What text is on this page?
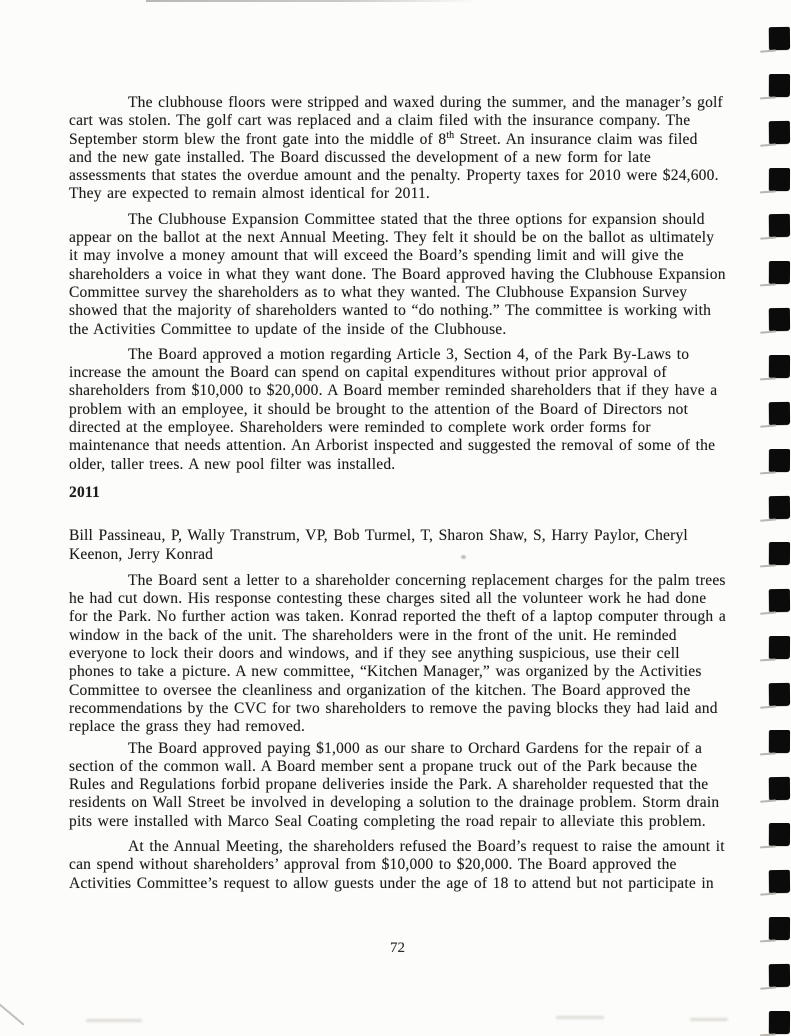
The clubhouse floors were stripped and waxed during the summer, and the manager’s golf cart was stolen. The golf cart was replaced and a claim filed with the insurance company. The September storm blew the front gate into the middle of 8th Street. An insurance claim was filed and the new gate installed. The Board discussed the development of a new form for late assessments that states the overdue amount and the penalty. Property taxes for 2010 were $24,600. They are expected to remain almost identical for 2011.

The Clubhouse Expansion Committee stated that the three options for expansion should appear on the ballot at the next Annual Meeting. They felt it should be on the ballot as ultimately it may involve a money amount that will exceed the Board’s spending limit and will give the shareholders a voice in what they want done. The Board approved having the Clubhouse Expansion Committee survey the shareholders as to what they wanted. The Clubhouse Expansion Survey showed that the majority of shareholders wanted to “do nothing.” The committee is working with the Activities Committee to update of the inside of the Clubhouse.

The Board approved a motion regarding Article 3, Section 4, of the Park By-Laws to increase the amount the Board can spend on capital expenditures without prior approval of shareholders from $10,000 to $20,000. A Board member reminded shareholders that if they have a problem with an employee, it should be brought to the attention of the Board of Directors not directed at the employee. Shareholders were reminded to complete work order forms for maintenance that needs attention. An Arborist inspected and suggested the removal of some of the older, taller trees. A new pool filter was installed.

2011

Bill Passineau, P, Wally Transtrum, VP, Bob Turmel, T, Sharon Shaw, S, Harry Paylor, Cheryl Keenon, Jerry Konrad

The Board sent a letter to a shareholder concerning replacement charges for the palm trees he had cut down. His response contesting these charges sited all the volunteer work he had done for the Park. No further action was taken. Konrad reported the theft of a laptop computer through a window in the back of the unit. The shareholders were in the front of the unit. He reminded everyone to lock their doors and windows, and if they see anything suspicious, use their cell phones to take a picture. A new committee, “Kitchen Manager,” was organized by the Activities Committee to oversee the cleanliness and organization of the kitchen. The Board approved the recommendations by the CVC for two shareholders to remove the paving blocks they had laid and replace the grass they had removed.

The Board approved paying $1,000 as our share to Orchard Gardens for the repair of a section of the common wall. A Board member sent a propane truck out of the Park because the Rules and Regulations forbid propane deliveries inside the Park. A shareholder requested that the residents on Wall Street be involved in developing a solution to the drainage problem. Storm drain pits were installed with Marco Seal Coating completing the road repair to alleviate this problem.

At the Annual Meeting, the shareholders refused the Board’s request to raise the amount it can spend without shareholders’ approval from $10,000 to $20,000. The Board approved the Activities Committee’s request to allow guests under the age of 18 to attend but not participate in

72
